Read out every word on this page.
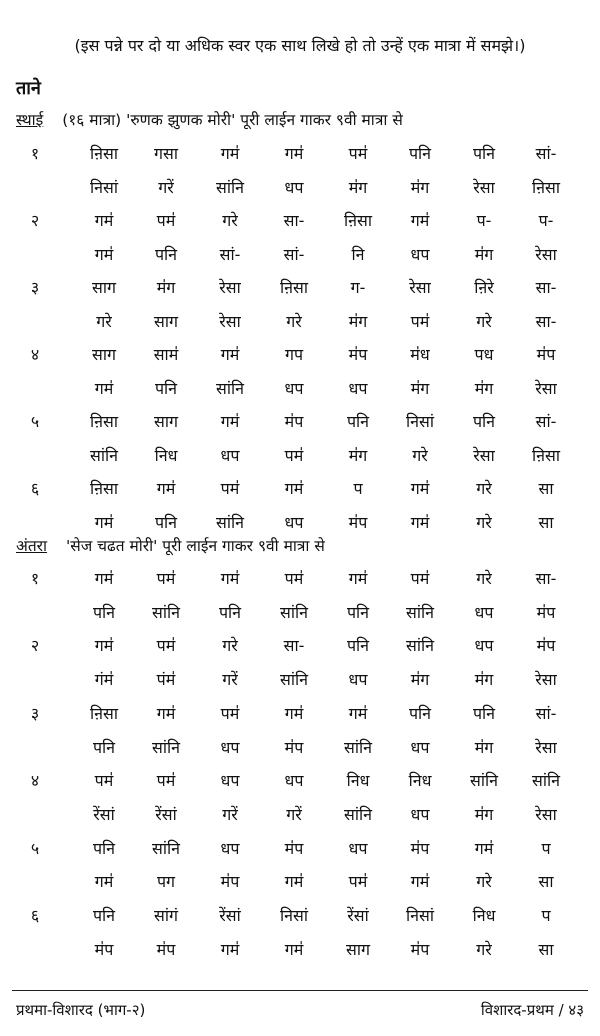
(इस पन्ने पर दो या अधिक स्वर एक साथ लिखे हो तो उन्हें एक मात्रा में समझे।)
ताने
स्थाई (१६ मात्रा) 'रुणक झुणक मोरी' पूरी लाईन गाकर ९वी मात्रा से
१	ऩिसा	गसा	गम॑	गम॑	पम॑	पनि	पनि	सां-
निसां	गरें	सांनि	धप	म॑ग	म॑ग	रेसा	ऩिसा
२	गम॑	पम॑	गरे	सा-	ऩिसा	गम॑	प-	प-
गम॑	पनि	सां-	सां-	नि	धप	म॑ग	रेसा
३	साग	म॑ग	रेसा	ऩिसा	ग-	रेसा	ऩिरे	सा-
गरे	साग	रेसा	गरे	म॑ग	पम॑	गरे	सा-
४	साग	साम॑	गम॑	गप	म॑प	म॑ध	पध	म॑प
गम॑	पनि	सांनि	धप	धप	म॑ग	म॑ग	रेसा
५	ऩिसा	साग	गम॑	म॑प	पनि	निसां	पनि	सां-
सांनि	निध	धप	पम॑	म॑ग	गरे	रेसा	ऩिसा
६	ऩिसा	गम॑	पम॑	गम॑	प	गम॑	गरे	सा
गम॑	पनि	सांनि	धप	म॑प	गम॑	गरे	सा
अंतरा 'सेज चढत मोरी' पूरी लाईन गाकर ९वी मात्रा से
१	गम॑	पम॑	गम॑	पम॑	गम॑	पम॑	गरे	सा-
पनि	सांनि	पनि	सांनि	पनि	सांनि	धप	म॑प
२	गम॑	पम॑	गरे	सा-	पनि	सांनि	धप	म॑प
गंम॑	पंम॑	गरें	सांनि	धप	म॑ग	म॑ग	रेसा
३	ऩिसा	गम॑	पम॑	गम॑	गम॑	पनि	पनि	सां-
पनि	सांनि	धप	म॑प	सांनि	धप	म॑ग	रेसा
४	पम॑	पम॑	धप	धप	निध	निध	सांनि	सांनि
रेंसां	रेंसां	गरें	गरें	सांनि	धप	म॑ग	रेसा
५	पनि	सांनि	धप	म॑प	धप	म॑प	गम॑	प
गम॑	पग	म॑प	गम॑	पम॑	गम॑	गरे	सा
६	पनि	सांगं	रेंसां	निसां	रेंसां	निसां	निध	प
म॑प	म॑प	गम॑	गम॑	साग	म॑प	गरे	सा
प्रथमा-विशारद (भाग-२)	विशारद-प्रथम / ४३
